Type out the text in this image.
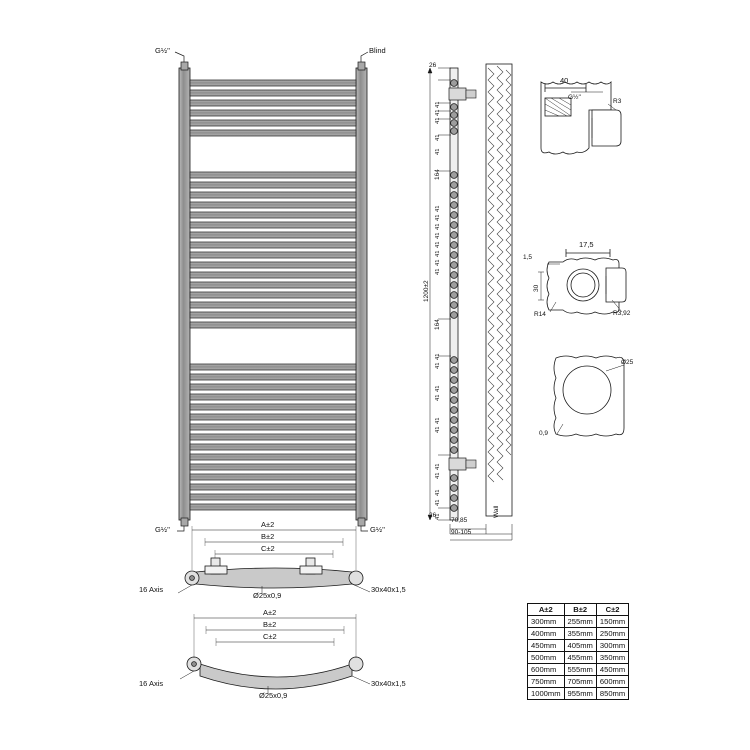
G½''	Blind
G½''	G½''
26
26
1200±2
41
41
41
41
41
164
41
41
41
41
41
41
41
41
164
41
41
41
41
41
41
41
41
41
41
41	Wall
70,85
90-105
40
G½''
R3
17,5
1,5
30
R14	R3,92
Ø25
0,9
A±2
B±2
C±2
16 Axis
Ø25x0,9
30x40x1,5
A±2
B±2
C±2
16 Axis
Ø25x0,9
30x40x1,5
A±2	B±2	C±2
300mm	255mm	150mm
400mm	355mm	250mm
450mm	405mm	300mm
500mm	455mm	350mm
600mm	555mm	450mm
750mm	705mm	600mm
1000mm	955mm	850mm
